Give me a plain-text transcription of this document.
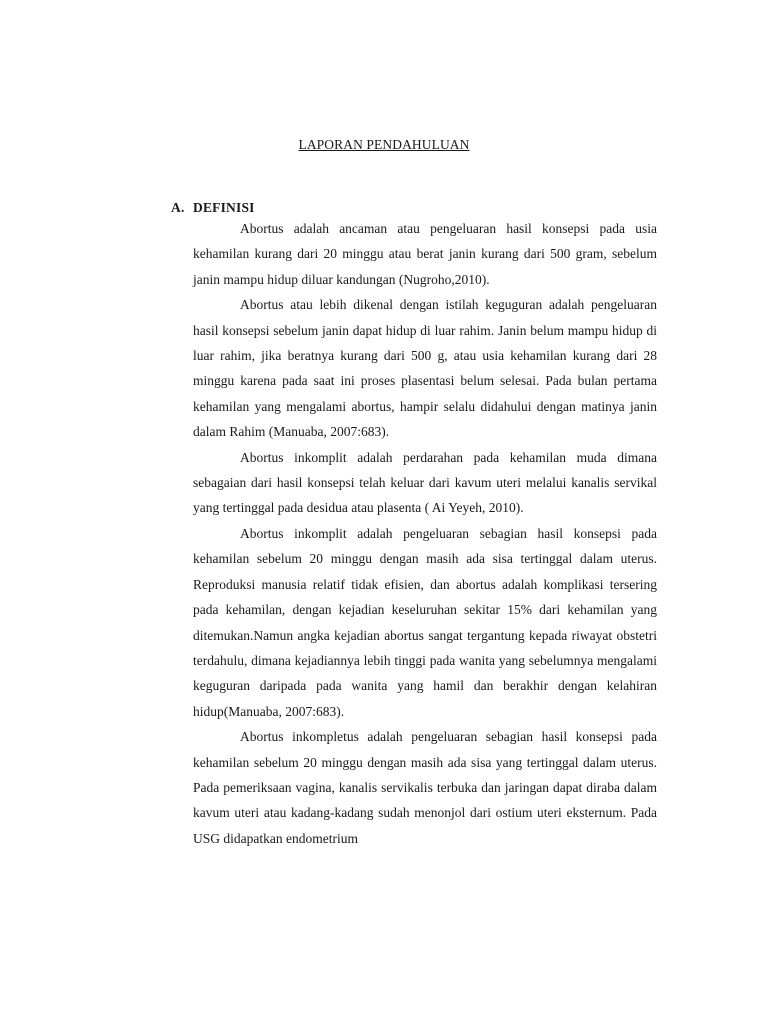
LAPORAN PENDAHULUAN
A. DEFINISI

Abortus adalah ancaman atau pengeluaran hasil konsepsi pada usia kehamilan kurang dari 20 minggu atau berat janin kurang dari 500 gram, sebelum janin mampu hidup diluar kandungan (Nugroho,2010).

Abortus atau lebih dikenal dengan istilah keguguran adalah pengeluaran hasil konsepsi sebelum janin dapat hidup di luar rahim. Janin belum mampu hidup di luar rahim, jika beratnya kurang dari 500 g, atau usia kehamilan kurang dari 28 minggu karena pada saat ini proses plasentasi belum selesai. Pada bulan pertama kehamilan yang mengalami abortus, hampir selalu didahului dengan matinya janin dalam Rahim (Manuaba, 2007:683).

Abortus inkomplit adalah perdarahan pada kehamilan muda dimana sebagaian dari hasil konsepsi telah keluar dari kavum uteri melalui kanalis servikal yang tertinggal pada desidua atau plasenta ( Ai Yeyeh, 2010).

Abortus inkomplit adalah pengeluaran sebagian hasil konsepsi pada kehamilan sebelum 20 minggu dengan masih ada sisa tertinggal dalam uterus. Reproduksi manusia relatif tidak efisien, dan abortus adalah komplikasi tersering pada kehamilan, dengan kejadian keseluruhan sekitar 15% dari kehamilan yang ditemukan.Namun angka kejadian abortus sangat tergantung kepada riwayat obstetri terdahulu, dimana kejadiannya lebih tinggi pada wanita yang sebelumnya mengalami keguguran daripada pada wanita yang hamil dan berakhir dengan kelahiran hidup(Manuaba, 2007:683).

Abortus inkompletus adalah pengeluaran sebagian hasil konsepsi pada kehamilan sebelum 20 minggu dengan masih ada sisa yang tertinggal dalam uterus. Pada pemeriksaan vagina, kanalis servikalis terbuka dan jaringan dapat diraba dalam kavum uteri atau kadang-kadang sudah menonjol dari ostium uteri eksternum. Pada USG didapatkan endometrium
